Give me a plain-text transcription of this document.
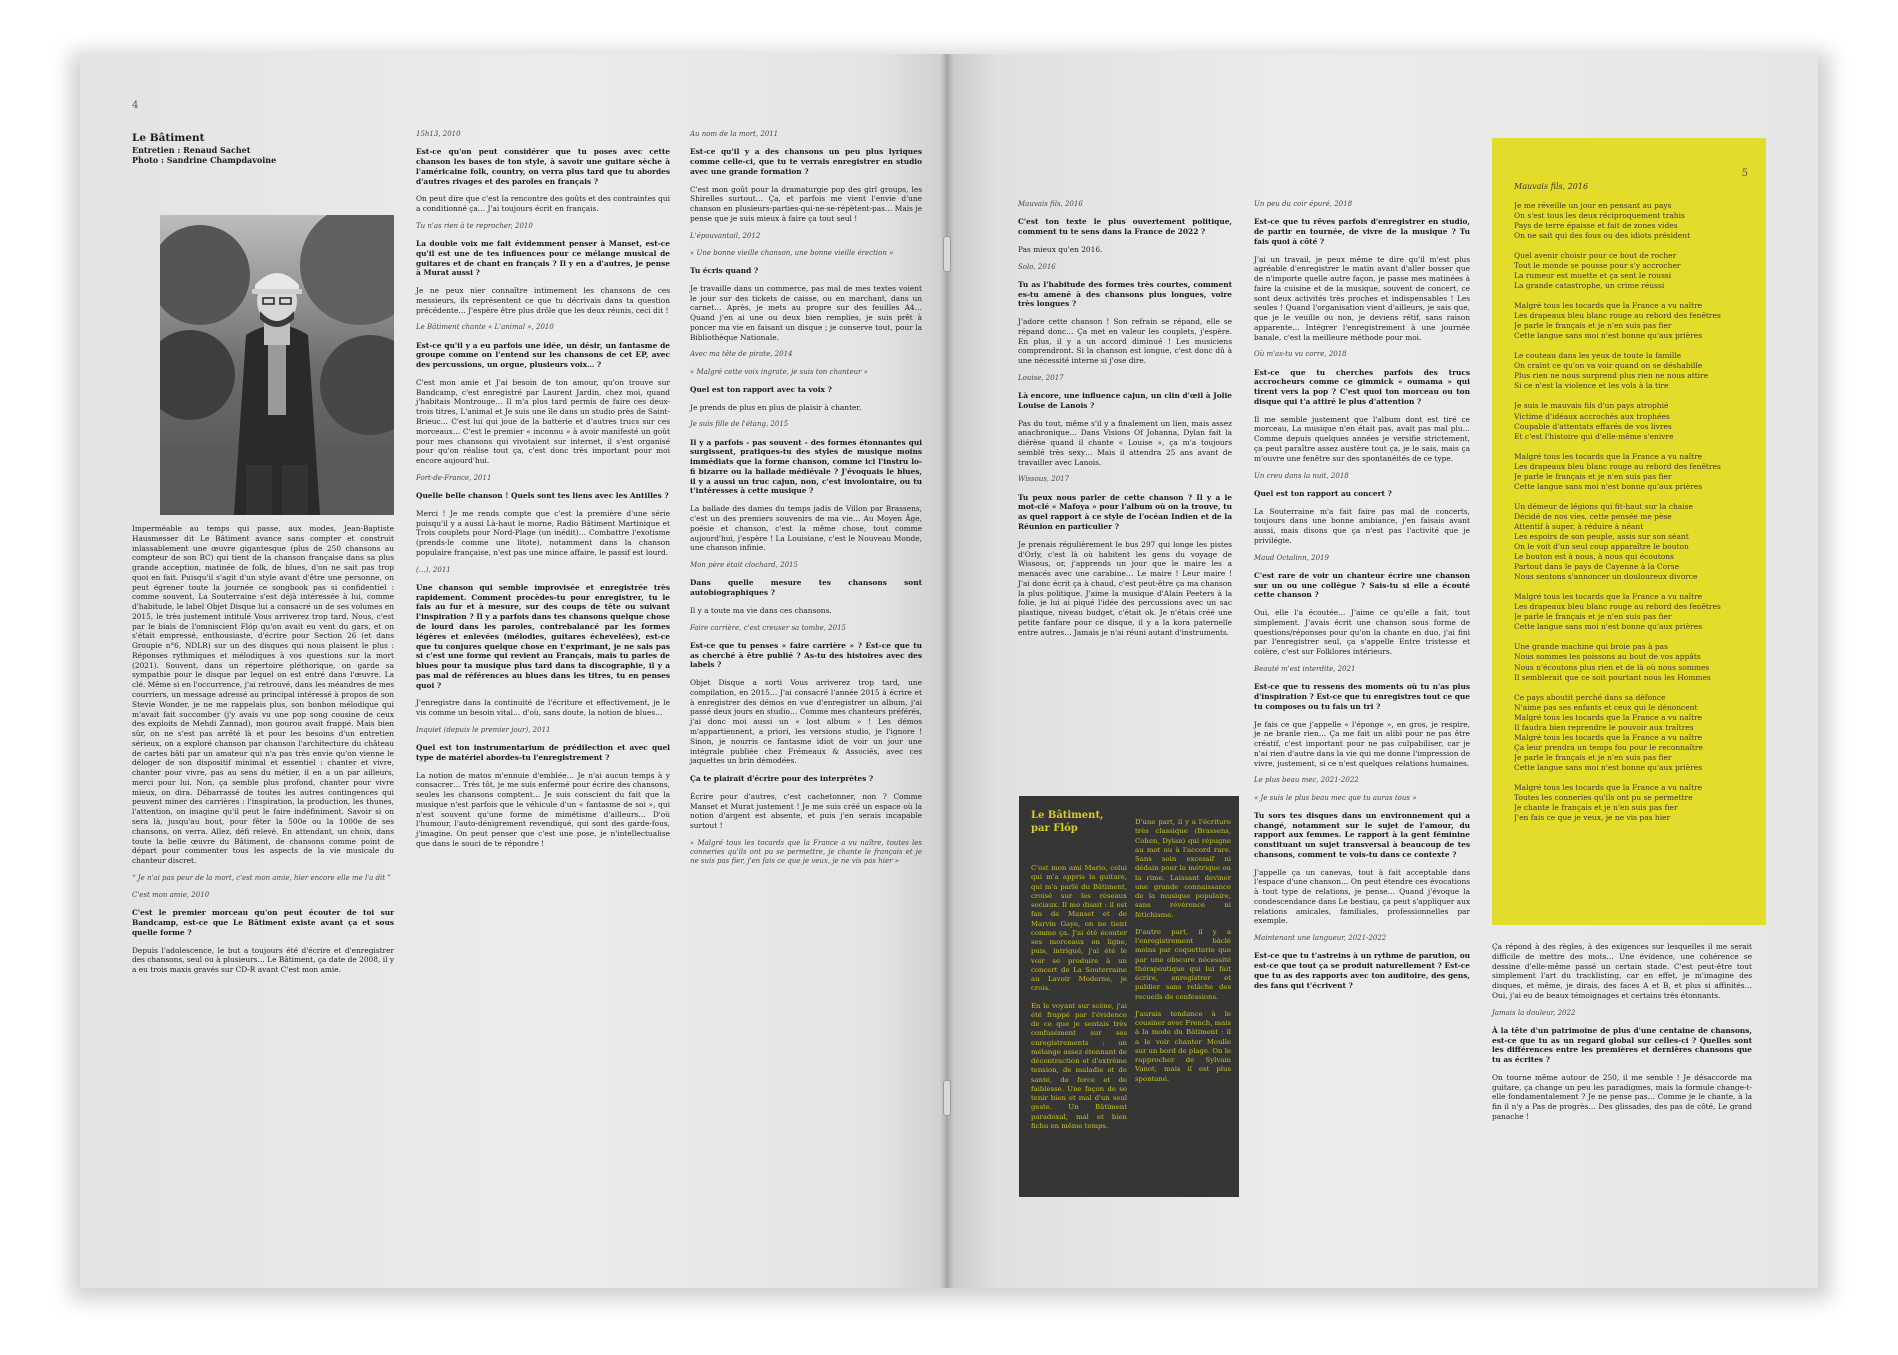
4
Le Bâtiment
Entretien : Renaud Sachet
Photo : Sandrine Champdavoine

Imperméable au temps qui passe, aux modes, Jean-Baptiste Hausmesser dit Le Bâtiment avance sans compter et construit inlassablement une œuvre gigantesque (plus de 250 chansons au compteur de son BC) qui tient de la chanson française dans sa plus grande acception, matinée de folk, de blues, d'on ne sait pas trop quoi en fait. Puisqu'il s'agit d'un style avant d'être une personne, on peut égrener toute la journée ce songbook pas si confidentiel : comme souvent, La Souterraine s'est déjà intéressée à lui, comme d'habitude, le label Objet Disque lui a consacré un de ses volumes en 2015, le très justement intitulé Vous arriverez trop tard. Nous, c'est par le biais de l'omniscient Flóp qu'on avait eu vent du gars, et on s'était empressé, enthousiaste, d'écrire pour Section 26 (et dans Groupie n°6, NDLR) sur un des disques qui nous plaisent le plus : Réponses rythmiques et mélodiques à vos questions sur la mort (2021). Souvent, dans un répertoire pléthorique, on garde sa sympathie pour le disque par lequel on est entré dans l'œuvre. La clé. Même si en l'occurrence, j'ai retrouvé, dans les méandres de mes courriers, un message adressé au principal intéressé à propos de son Stevie Wonder, je ne me rappelais plus, son bonbon mélodique qui m'avait fait succomber (j'y avais vu une pop song cousine de ceux des exploits de Mehdi Zannad), mon gourou avait frappé. Mais bien sûr, on ne s'est pas arrêté là et pour les besoins d'un entretien sérieux, on a exploré chanson par chanson l'architecture du château de cartes bâti par un amateur qui n'a pas très envie qu'on vienne le déloger de son dispositif minimal et essentiel : chanter et vivre, chanter pour vivre, pas au sens du métier, il en a un par ailleurs, merci pour lui. Non, ça semble plus profond, chanter pour vivre mieux, on dira. Débarrassé de toutes les autres contingences qui peuvent miner des carrières : l'inspiration, la production, les thunes, l'attention, on imagine qu'il peut le faire indéfiniment. Savoir si on sera là, jusqu'au bout, pour fêter la 500e ou la 1000e de ses chansons, on verra. Allez, défi relevé. En attendant, un choix, dans toute la belle œuvre du Bâtiment, de chansons comme point de départ pour commenter tous les aspects de la vie musicale du chanteur discret.

“ Je n'ai pas peur de la mort, c'est mon amie, hier encore elle me l'a dit ”

C'est mon amie, 2010

C'est le premier morceau qu'on peut écouter de toi sur Bandcamp, est-ce que Le Bâtiment existe avant ça et sous quelle forme ?

Depuis l'adolescence, le but a toujours été d'écrire et d'enregistrer des chansons, seul ou à plusieurs… Le Bâtiment, ça date de 2008, il y a eu trois maxis gravés sur CD-R avant C'est mon amie.

15h13, 2010

Est-ce qu'on peut considérer que tu poses avec cette chanson les bases de ton style, à savoir une guitare sèche à l'américaine folk, country, on verra plus tard que tu abordes d'autres rivages et des paroles en français ?

On peut dire que c'est la rencontre des goûts et des contraintes qui a conditionné ça… J'ai toujours écrit en français.

Tu n'as rien à te reprocher, 2010

La double voix me fait évidemment penser à Manset, est-ce qu'il est une de tes influences pour ce mélange musical de guitares et de chant en français ? Il y en a d'autres, je pense à Murat aussi ?

Je ne peux nier connaître intimement les chansons de ces messieurs, ils représentent ce que tu décrivais dans ta question précédente… J'espère être plus drôle que les deux réunis, ceci dit !

Le Bâtiment chante « L'animal », 2010

Est-ce qu'il y a eu parfois une idée, un désir, un fantasme de groupe comme on l'entend sur les chansons de cet EP, avec des percussions, un orgue, plusieurs voix… ?

C'est mon amie et J'ai besoin de ton amour, qu'on trouve sur Bandcamp, c'est enregistré par Laurent Jardin, chez moi, quand j'habitais Montrouge… Il m'a plus tard permis de faire ces deux-trois titres, L'animal et Je suis une île dans un studio près de Saint-Brieuc… C'est lui qui joue de la batterie et d'autres trucs sur ces morceaux… C'est le premier « inconnu » à avoir manifesté un goût pour mes chansons qui vivotaient sur internet, il s'est organisé pour qu'on réalise tout ça, c'est donc très important pour moi encore aujourd'hui.

Fort-de-France, 2011

Quelle belle chanson ! Quels sont tes liens avec les Antilles ?

Merci ! Je me rends compte que c'est la première d'une série puisqu'il y a aussi Là-haut le morne, Radio Bâtiment Martinique et Trois couplets pour Nord-Plage (un inédit)… Combattre l'exotisme (prends-le comme une litote), notamment dans la chanson populaire française, n'est pas une mince affaire, le passif est lourd.

(…), 2011

Une chanson qui semble improvisée et enregistrée très rapidement. Comment procèdes-tu pour enregistrer, tu le fais au fur et à mesure, sur des coups de tête ou suivant l'inspiration ? Il y a parfois dans tes chansons quelque chose de lourd dans les paroles, contrebalancé par les formes légères et enlevées (mélodies, guitares échevelées), est-ce que tu conjures quelque chose en t'exprimant, je ne sais pas si c'est une forme qui revient au Français, mais tu parles de blues pour ta musique plus tard dans ta discographie, il y a pas mal de références au blues dans les titres, tu en penses quoi ?

J'enregistre dans la continuité de l'écriture et effectivement, je le vis comme un besoin vital… d'où, sans doute, la notion de blues…

Inquiet (depuis le premier jour), 2011

Quel est ton instrumentarium de prédilection et avec quel type de matériel abordes-tu l'enregistrement ?

La notion de matos m'ennuie d'emblée… Je n'ai aucun temps à y consacrer… Très tôt, je me suis enfermé pour écrire des chansons, seules les chansons comptent… Je suis conscient du fait que la musique n'est parfois que le véhicule d'un « fantasme de soi », qui n'est souvent qu'une forme de mimétisme d'ailleurs… D'où l'humour, l'auto-dénigrement revendiqué, qui sont des garde-fous, j'imagine. On peut penser que c'est une pose, je n'intellectualise que dans le souci de te répondre !

Au nom de la mort, 2011

Est-ce qu'il y a des chansons un peu plus lyriques comme celle-ci, que tu te verrais enregistrer en studio avec une grande formation ?

C'est mon goût pour la dramaturgie pop des girl groups, les Shirelles surtout… Ça, et parfois me vient l'envie d'une chanson en plusieurs-parties-qui-ne-se-répètent-pas… Mais je pense que je suis mieux à faire ça tout seul !

L'épouvantail, 2012

« Une bonne vieille chanson, une bonne vieille érection »

Tu écris quand ?

Je travaille dans un commerce, pas mal de mes textes voient le jour sur des tickets de caisse, ou en marchant, dans un carnet… Après, je mets au propre sur des feuilles A4… Quand j'en ai une ou deux bien remplies, je suis prêt à poncer ma vie en faisant un disque ; je conserve tout, pour la Bibliothèque Nationale.

Avec ma tête de pirate, 2014

« Malgré cette voix ingrate, je suis ton chanteur »

Quel est ton rapport avec ta voix ?

Je prends de plus en plus de plaisir à chanter.

Je suis fille de l'étang, 2015

Il y a parfois - pas souvent - des formes étonnantes qui surgissent, pratiques-tu des styles de musique moins immédiats que la forme chanson, comme ici l'instru lo-fi bizarre ou la ballade médiévale ? J'évoquais le blues, il y a aussi un truc cajun, non, c'est involontaire, ou tu t'intéresses à cette musique ?

La ballade des dames du temps jadis de Villon par Brassens, c'est un des premiers souvenirs de ma vie… Au Moyen Âge, poésie et chanson, c'est la même chose, tout comme aujourd'hui, j'espère ! La Louisiane, c'est le Nouveau Monde, une chanson infinie.

Mon père était clochard, 2015

Dans quelle mesure tes chansons sont autobiographiques ?

Il y a toute ma vie dans ces chansons.

Faire carrière, c'est creuser sa tombe, 2015

Est-ce que tu penses « faire carrière » ? Est-ce que tu as cherché à être publié ? As-tu des histoires avec des labels ?

Objet Disque a sorti Vous arriverez trop tard, une compilation, en 2015… J'ai consacré l'année 2015 à écrire et à enregistrer des démos en vue d'enregistrer un album, j'ai passé deux jours en studio… Comme mes chanteurs préférés, j'ai donc moi aussi un « lost album » ! Les démos m'appartiennent, a priori, les versions studio, je l'ignore ! Sinon, je nourris ce fantasme idiot de voir un jour une intégrale publiée chez Frémeaux & Associés, avec ces jaquettes un brin démodées.

Ça te plairait d'écrire pour des interprètes ?

Écrire pour d'autres, c'est cachetonner, non ? Comme Manset et Murat justement ! Je me suis créé un espace où la notion d'argent est absente, et puis j'en serais incapable surtout !

« Malgré tous les tocards que la France a vu naître, toutes les conneries qu'ils ont pu se permettre, je chante le français et je ne suis pas fier, j'en fais ce que je veux, je ne vis pas hier »

Mauvais fils, 2016

C'est ton texte le plus ouvertement politique, comment tu te sens dans la France de 2022 ?

Pas mieux qu'en 2016.

Solo, 2016

Tu as l'habitude des formes très courtes, comment es-tu amené à des chansons plus longues, voire très longues ?

J'adore cette chanson ! Son refrain se répand, elle se répand donc… Ça met en valeur les couplets, j'espère. En plus, il y a un accord diminué ! Les musiciens comprendront. Si la chanson est longue, c'est donc dû à une nécessité interne si j'ose dire.

Louise, 2017

Là encore, une influence cajun, un clin d'œil à Jolie Louise de Lanois ?

Pas du tout, même s'il y a finalement un lien, mais assez anachronique… Dans Visions Of Johanna, Dylan fait la diérèse quand il chante « Louise », ça m'a toujours semblé très sexy… Mais il attendra 25 ans avant de travailler avec Lanois.

Wissous, 2017

Tu peux nous parler de cette chanson ? Il y a le mot-clé « Mafoya » pour l'album où on la trouve, tu as quel rapport à ce style de l'océan Indien et de la Réunion en particulier ?

Je prenais régulièrement le bus 297 qui longe les pistes d'Orly, c'est là où habitent les gens du voyage de Wissous, or, j'apprends un jour que le maire les a menacés avec une carabine… Le maire ! Leur maire ! J'ai donc écrit ça à chaud, c'est peut-être ça ma chanson la plus politique. J'aime la musique d'Alain Peeters à la folie, je lui ai piqué l'idée des percussions avec un sac plastique, niveau budget, c'était ok. Je n'étais créé une petite fanfare pour ce disque, il y a la kora paternelle entre autres… Jamais je n'ai réuni autant d'instruments.

Un peu du coir épuré, 2018

Est-ce que tu rêves parfois d'enregistrer en studio, de partir en tournée, de vivre de la musique ? Tu fais quoi à côté ?

J'ai un travail, je peux même te dire qu'il m'est plus agréable d'enregistrer le matin avant d'aller bosser que de n'importe quelle autre façon, je passe mes matinées à faire la cuisine et de la musique, souvent de concert, ce sont deux activités très proches et indispensables ! Les seules ! Quand l'organisation vient d'ailleurs, je sais que, que je le veuille ou non, je deviens rétif, sans raison apparente… Intégrer l'enregistrement à une journée banale, c'est la meilleure méthode pour moi.

Où m'as-tu vu corre, 2018

Est-ce que tu cherches parfois des trucs accrocheurs comme ce gimmick « oumama » qui tirent vers la pop ? C'est quoi ton morceau ou ton disque qui t'a attiré le plus d'attention ?

Il me semble justement que l'album dont est tiré ce morceau, La musique n'en était pas, avait pas mal plu… Comme depuis quelques années je versifie strictement, ça peut paraître assez austère tout ça, je le sais, mais ça m'ouvre une fenêtre sur des spontanéités de ce type.

Un creu dans la nuit, 2018

Quel est ton rapport au concert ?

La Souterraine m'a fait faire pas mal de concerts, toujours dans une bonne ambiance, j'en faisais avant aussi, mais disons que ça n'est pas l'activité que je privilégie.

Maud Octalinn, 2019

C'est rare de voir un chanteur écrire une chanson sur un ou une collègue ? Sais-tu si elle a écouté cette chanson ?

Oui, elle l'a écoutée… J'aime ce qu'elle a fait, tout simplement. J'avais écrit une chanson sous forme de questions/réponses pour qu'on la chante en duo, j'ai fini par l'enregistrer seul, ça s'appelle Entre tristesse et colère, c'est sur Folklores intérieurs.

Beauté m'est interdite, 2021

Est-ce que tu ressens des moments où tu n'as plus d'inspiration ? Est-ce que tu enregistres tout ce que tu composes ou tu fais un tri ?

Je fais ce que j'appelle « l'éponge », en gros, je respire, je ne branle rien… Ça me fait un alibi pour ne pas être créatif, c'est important pour ne pas culpabiliser, car je n'ai rien d'autre dans la vie qui me donne l'impression de vivre, justement, si ce n'est quelques relations humaines.

Le plus beau mec, 2021-2022

« Je suis le plus beau mec que tu auras tous »

Tu sors tes disques dans un environnement qui a changé, notamment sur le sujet de l'amour, du rapport aux femmes. Le rapport à la gent féminine constituant un sujet transversal à beaucoup de tes chansons, comment te vois-tu dans ce contexte ?

J'appelle ça un canevas, tout à fait acceptable dans l'espace d'une chanson… On peut étendre ces évocations à tout type de relations, je pense… Quand j'évoque la condescendance dans Le bestiau, ça peut s'appliquer aux relations amicales, familiales, professionnelles par exemple.

Maintenant une langueur, 2021-2022

Est-ce que tu t'astreins à un rythme de parution, ou est-ce que tout ça se produit naturellement ? Est-ce que tu as des rapports avec ton auditoire, des gens, des fans qui t'écrivent ?

Ça répond à des règles, à des exigences sur lesquelles il me serait difficile de mettre des mots… Une évidence, une cohérence se dessine d'elle-même passé un certain stade. C'est peut-être tout simplement l'art du tracklisting, car en effet, je m'imagine des disques, et même, je dirais, des faces A et B, et plus si affinités… Oui, j'ai eu de beaux témoignages et certains très étonnants.

Jamais la douleur, 2022

À la tête d'un patrimoine de plus d'une centaine de chansons, est-ce que tu as un regard global sur celles-ci ? Quelles sont les différences entre les premières et dernières chansons que tu as écrites ?

On tourne même autour de 250, il me semble ! Je désaccorde ma guitare, ça change un peu les paradigmes, mais la formule change-t-elle fondamentalement ? Je ne pense pas… Comme je le chante, à la fin il n'y a Pas de progrès… Des glissades, des pas de côté, Le grand panache !

5
Mauvais fils, 2016
Je me réveille un jour en pensant au pays
On s'est tous les deux réciproquement trahis
Pays de terre épaisse et fait de zones vides
On ne sait qui des fous ou des idiots président
Quel avenir choisir pour ce bout de rocher
Tout le monde se pousse pour s'y accrocher
La rumeur est muette et ça sent le roussi
La grande catastrophe, un crime réussi
Malgré tous les tocards que la France a vu naître
Les drapeaux bleu blanc rouge au rebord des fenêtres
Je parle le français et je n'en suis pas fier
Cette langue sans moi n'est bonne qu'aux prières
Le couteau dans les yeux de toute la famille
On craint ce qu'on va voir quand on se déshabille
Plus rien ne nous surprend plus rien ne nous attire
Si ce n'est la violence et les vols à la tire
Je suis le mauvais fils d'un pays atrophié
Victime d'idéaux accrochés aux trophées
Coupable d'attentats effarés de vos livres
Et c'est l'histoire qui d'elle-même s'enivre
Malgré tous les tocards que la France a vu naître
Les drapeaux bleu blanc rouge au rebord des fenêtres
Je parle le français et je n'en suis pas fier
Cette langue sans moi n'est bonne qu'aux prières
Un démeur de légions qui fit-haut sur la chaise
Décidé de nos vies, cette pensée me pèse
Attentif à super, à réduire à néant
Les espoirs de son peuple, assis sur son séant
On le voit d'un seul coup apparaître le bouton
Le bouton est à nous, à nous qui écoutons
Partout dans le pays de Cayenne à la Corse
Nous sentons s'annoncer un douloureux divorce
Malgré tous les tocards que la France a vu naître
Les drapeaux bleu blanc rouge au rebord des fenêtres
Je parle le français et je n'en suis pas fier
Cette langue sans moi n'est bonne qu'aux prières
Une grande machine qui broie pas à pas
Nous sommes les poissons au bout de vos appâts
Nous n'écoutons plus rien et de là où nous sommes
Il semblerait que ce soit pourtant nous les Hommes
Ce pays aboutit perché dans sa défonce
N'aime pas ses enfants et ceux qui le dénoncent
Malgré tous les tocards que la France a vu naître
Il faudra bien reprendre le pouvoir aux traîtres
Malgré tous les tocards que la France a vu naître
Ça leur prendra un temps fou pour le reconnaître
Je parle le français et je n'en suis pas fier
Cette langue sans moi n'est bonne qu'aux prières
Malgré tous les tocards que la France a vu naître
Toutes les conneries qu'ils ont pu se permettre
Je chante le français et je n'en suis pas fier
J'en fais ce que je veux, je ne vis pas hier
Le Bâtiment,
par Flóp

C'est mon ami Mario, celui qui m'a appris la guitare, qui m'a parlé du Bâtiment, croisé sur les réseaux sociaux. Il me disait : il est fan de Manset et de Marvin Gaye, on ne tient comme ça. J'ai été écouter ses morceaux en ligne, puis, intrigué, j'ai été le voir se produire à un concert de La Souterraine au Lavoir Moderne, je crois.

En le voyant sur scène, j'ai été frappé par l'évidence de ce que je sentais très confusément sur ses enregistrements : un mélange assez étonnant de décontraction et d'extrême tension, de maladie et de santé, de force et de faiblesse. Une façon de se tenir bien et mal d'un seul geste. Un Bâtiment paradoxal, mal et bien fichu en même temps.

D'une part, il y a l'écriture très classique (Brassens, Cohen, Dylan) qui répugne au mot ou à l'accord rare. Sans soin excessif ni dédain pour la métrique ou la rime. Laissant deviner une grande connaissance de la musique populaire, sans révérence ni fétichisme.

D'autre part, il y a l'enregistrement bâclé moins par coquetterie que par une obscure nécessité thérapeutique qui lui fait écrire, enregistrer et publier sans relâche des recueils de confessions.

J'aurais tendance à le cousiner avec French, mais à la mode du Bâtiment : il a le voir chanter Moulle sur un bord de plage. On le rapprocher de Sylvain Vanot, mais il est plus spontané.
